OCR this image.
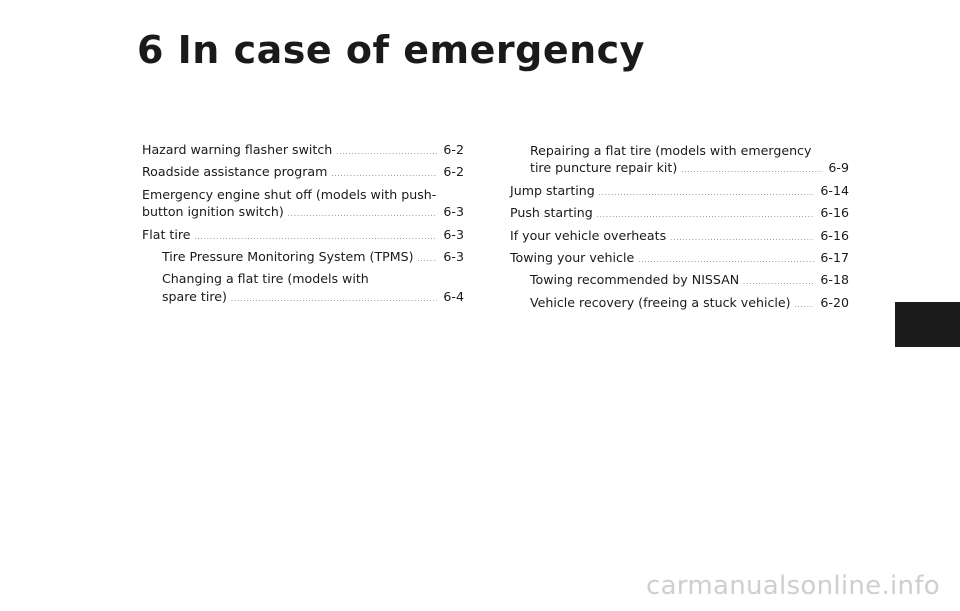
6 In case of emergency
Hazard warning flasher switch .....	6-2
Roadside assistance program .....	6-2
Emergency engine shut off (models with push-
button ignition switch) .....	6-3
Flat tire .....	6-3
Tire Pressure Monitoring System (TPMS) ..... 6-3
Changing a flat tire (models with
spare tire) .....	6-4
Repairing a flat tire (models with emergency
tire puncture repair kit) .....	6-9
Jump starting .....	6-14
Push starting .....	6-16
If your vehicle overheats .....	6-16
Towing your vehicle .....	6-17
Towing recommended by NISSAN .....	6-18
Vehicle recovery (freeing a stuck vehicle) ..... 6-20
carmanualsonline.info
